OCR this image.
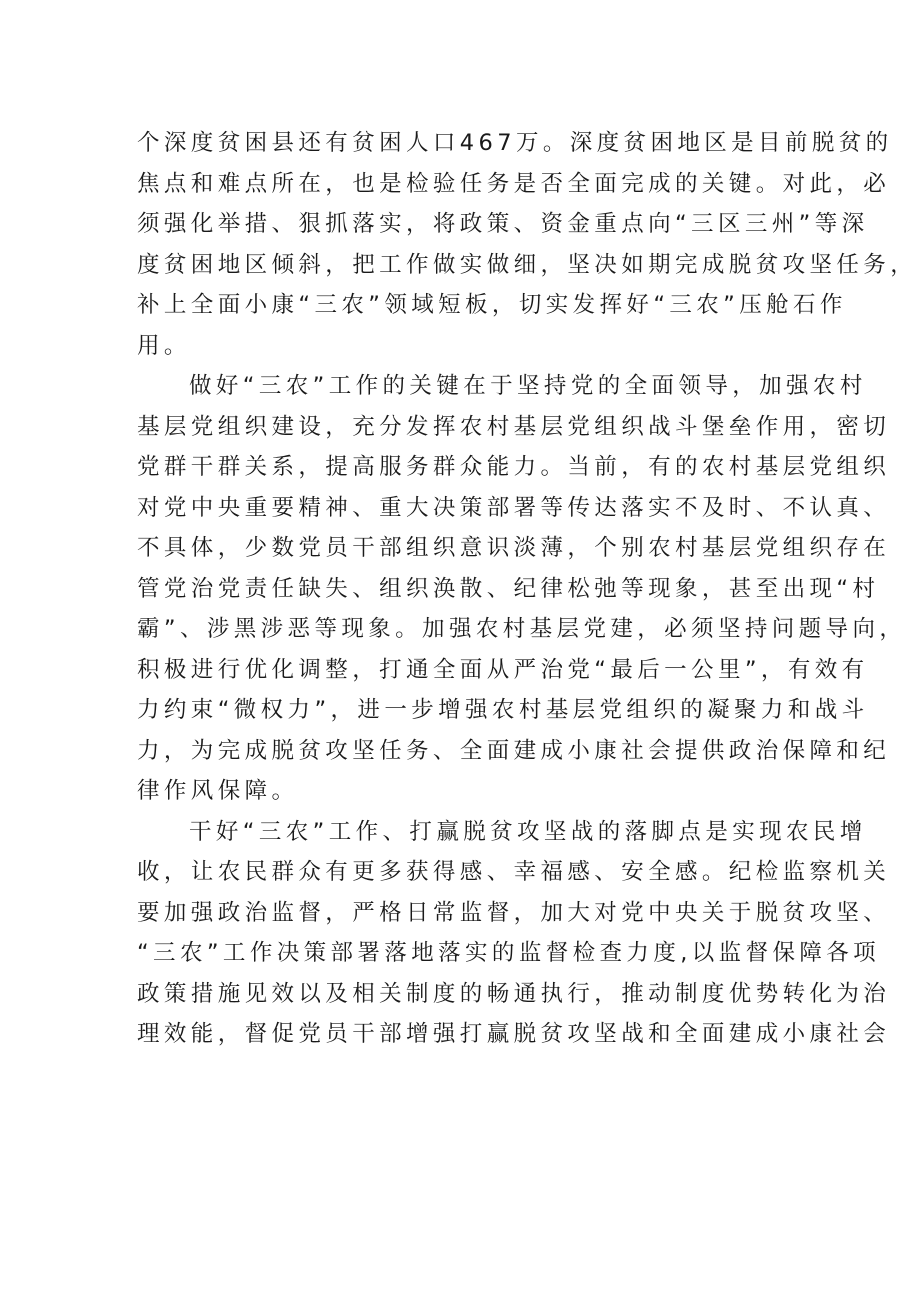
个深度贫困县还有贫困人口467万。深度贫困地区是目前脱贫的
焦点和难点所在，也是检验任务是否全面完成的关键。对此，必
须强化举措、狠抓落实，将政策、资金重点向“三区三州”等深
度贫困地区倾斜，把工作做实做细，坚决如期完成脱贫攻坚任务，
补上全面小康“三农”领域短板，切实发挥好“三农”压舱石作
用。
做好“三农”工作的关键在于坚持党的全面领导，加强农村
基层党组织建设，充分发挥农村基层党组织战斗堡垒作用，密切
党群干群关系，提高服务群众能力。当前，有的农村基层党组织
对党中央重要精神、重大决策部署等传达落实不及时、不认真、
不具体，少数党员干部组织意识淡薄，个别农村基层党组织存在
管党治党责任缺失、组织涣散、纪律松弛等现象，甚至出现“村
霸”、涉黑涉恶等现象。加强农村基层党建，必须坚持问题导向，
积极进行优化调整，打通全面从严治党“最后一公里”，有效有
力约束“微权力”，进一步增强农村基层党组织的凝聚力和战斗
力，为完成脱贫攻坚任务、全面建成小康社会提供政治保障和纪
律作风保障。
干好“三农”工作、打赢脱贫攻坚战的落脚点是实现农民增
收，让农民群众有更多获得感、幸福感、安全感。纪检监察机关
要加强政治监督，严格日常监督，加大对党中央关于脱贫攻坚、
“三农”工作决策部署落地落实的监督检查力度,以监督保障各项
政策措施见效以及相关制度的畅通执行，推动制度优势转化为治
理效能，督促党员干部增强打赢脱贫攻坚战和全面建成小康社会
